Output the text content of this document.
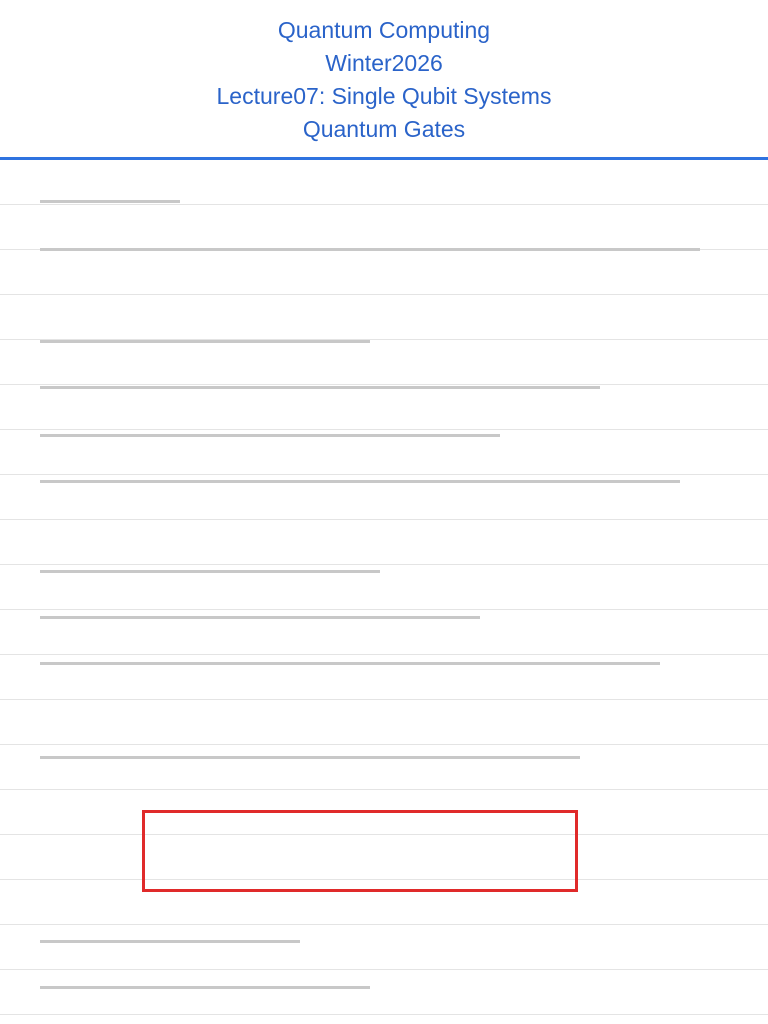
Quantum Computing
Winter2026
Lecture07: Single Qubit Systems
Quantum Gates
